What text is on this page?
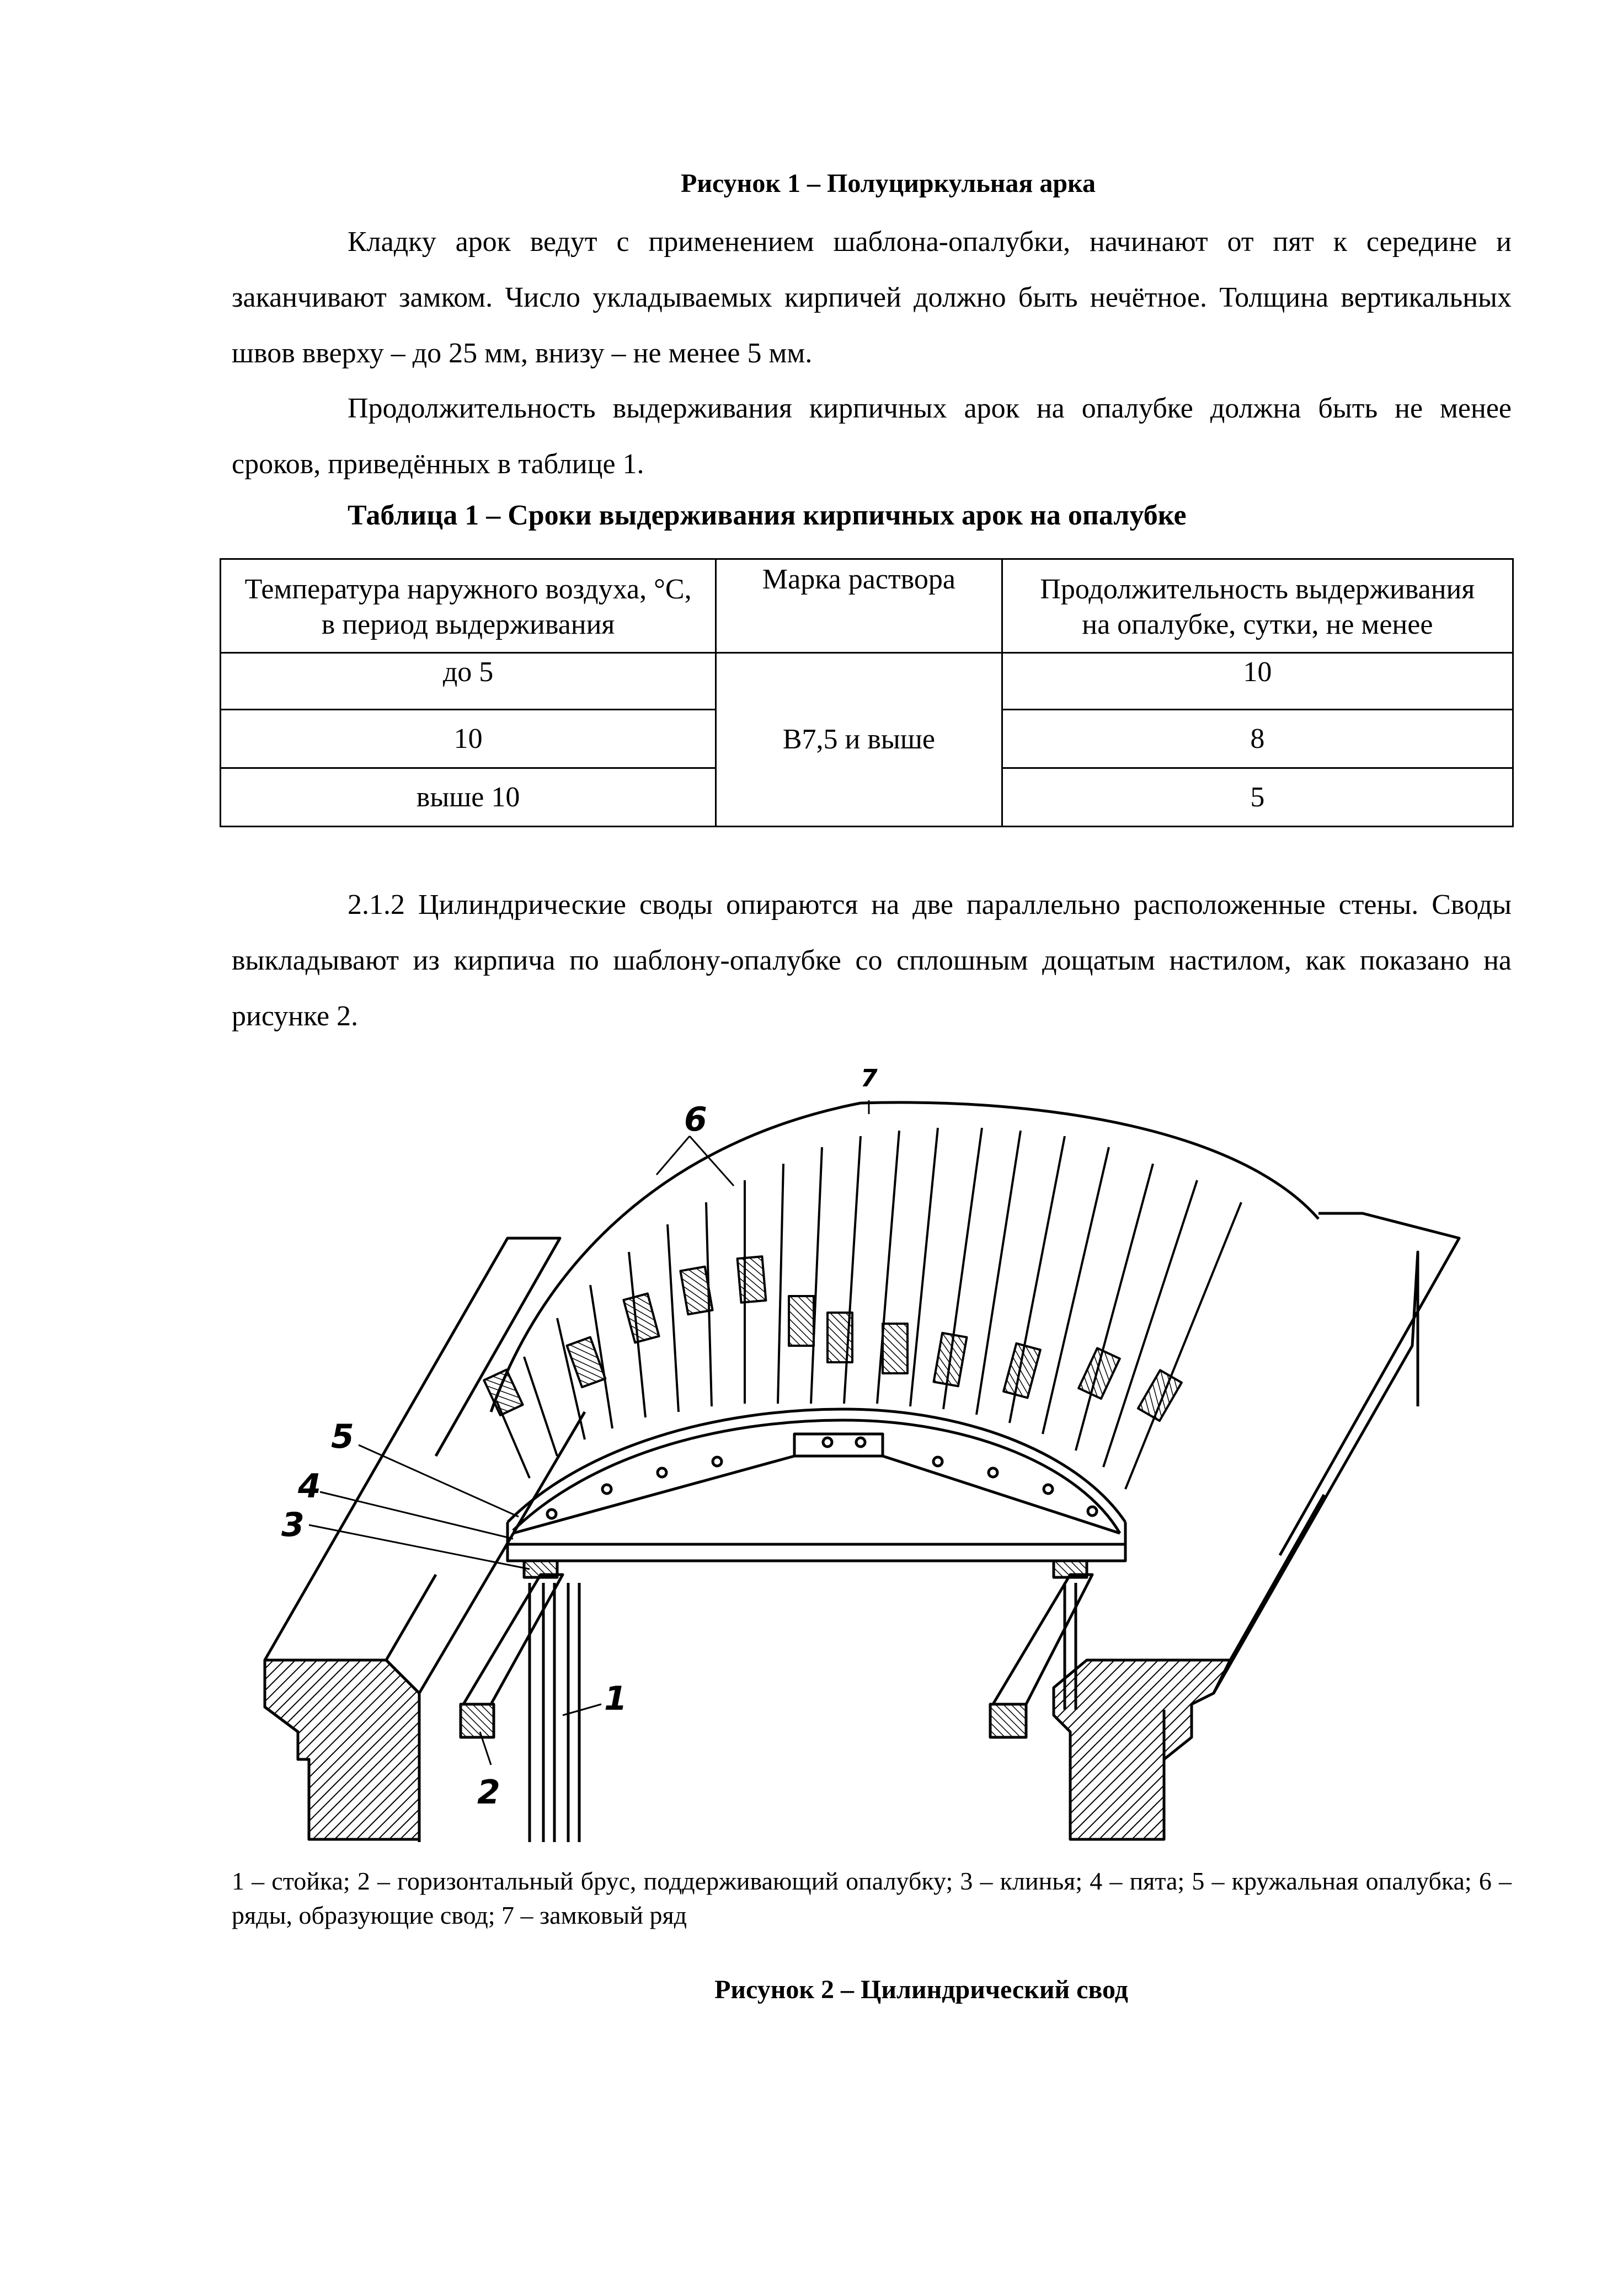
Рисунок 1 – Полуциркульная арка
Кладку арок ведут с применением шаблона-опалубки, начинают от пят к середине и заканчивают замком. Число укладываемых кирпичей должно быть нечётное. Толщина вертикальных швов вверху – до 25 мм, внизу – не менее 5 мм.
Продолжительность выдерживания кирпичных арок на опалубке должна быть не менее сроков, приведённых в таблице 1.
Таблица 1 – Сроки выдерживания кирпичных арок на опалубке
Температура наружного воздуха, °C,
в период выдерживания	Марка раствора	Продолжительность выдерживания
на опалубке, сутки, не менее
до 5	В7,5 и выше	10
10		8
выше 10		5
2.1.2 Цилиндрические своды опираются на две параллельно расположенные стены. Своды выкладывают из кирпича по шаблону-опалубке со сплошным дощатым настилом, как показано на рисунке 2.
1
2
3
4
5
6
7
1 – стойка; 2 – горизонтальный брус, поддерживающий опалубку; 3 – клинья; 4 – пята; 5 – кружальная опалубка; 6 – ряды, образующие свод; 7 – замковый ряд
Рисунок 2 – Цилиндрический свод
